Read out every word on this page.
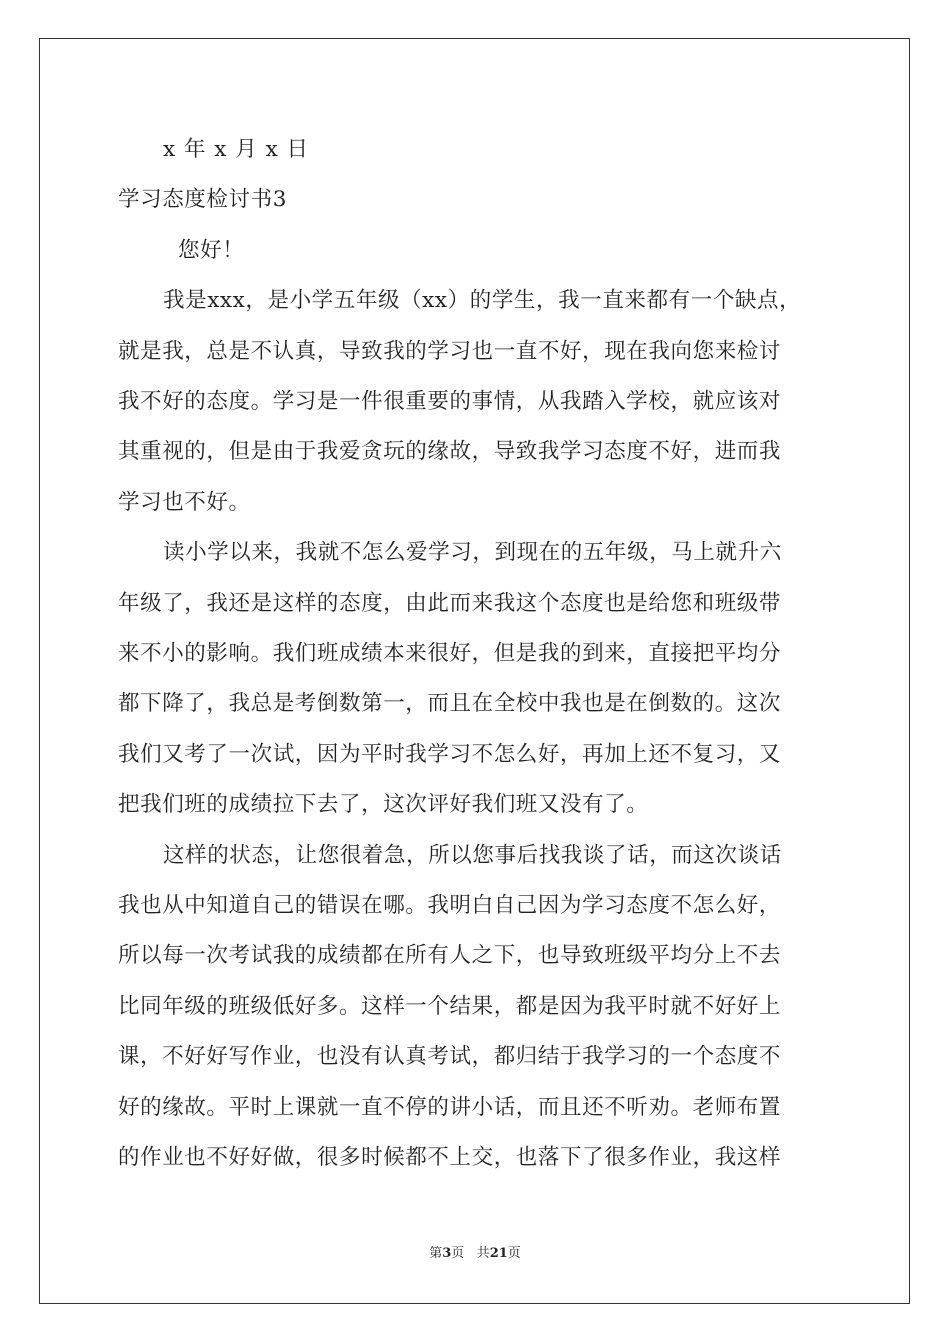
x 年 x 月 x 日
学习态度检讨书3
您好！
我是xxx，是小学五年级（xx）的学生，我一直来都有一个缺点，
就是我，总是不认真，导致我的学习也一直不好，现在我向您来检讨
我不好的态度。学习是一件很重要的事情，从我踏入学校，就应该对
其重视的，但是由于我爱贪玩的缘故，导致我学习态度不好，进而我
学习也不好。
读小学以来，我就不怎么爱学习，到现在的五年级，马上就升六
年级了，我还是这样的态度，由此而来我这个态度也是给您和班级带
来不小的影响。我们班成绩本来很好，但是我的到来，直接把平均分
都下降了，我总是考倒数第一，而且在全校中我也是在倒数的。这次
我们又考了一次试，因为平时我学习不怎么好，再加上还不复习，又
把我们班的成绩拉下去了，这次评好我们班又没有了。
这样的状态，让您很着急，所以您事后找我谈了话，而这次谈话
我也从中知道自己的错误在哪。我明白自己因为学习态度不怎么好，
所以每一次考试我的成绩都在所有人之下，也导致班级平均分上不去
比同年级的班级低好多。这样一个结果，都是因为我平时就不好好上
课，不好好写作业，也没有认真考试，都归结于我学习的一个态度不
好的缘故。平时上课就一直不停的讲小话，而且还不听劝。老师布置
的作业也不好好做，很多时候都不上交，也落下了很多作业，我这样
第3页 共21页
